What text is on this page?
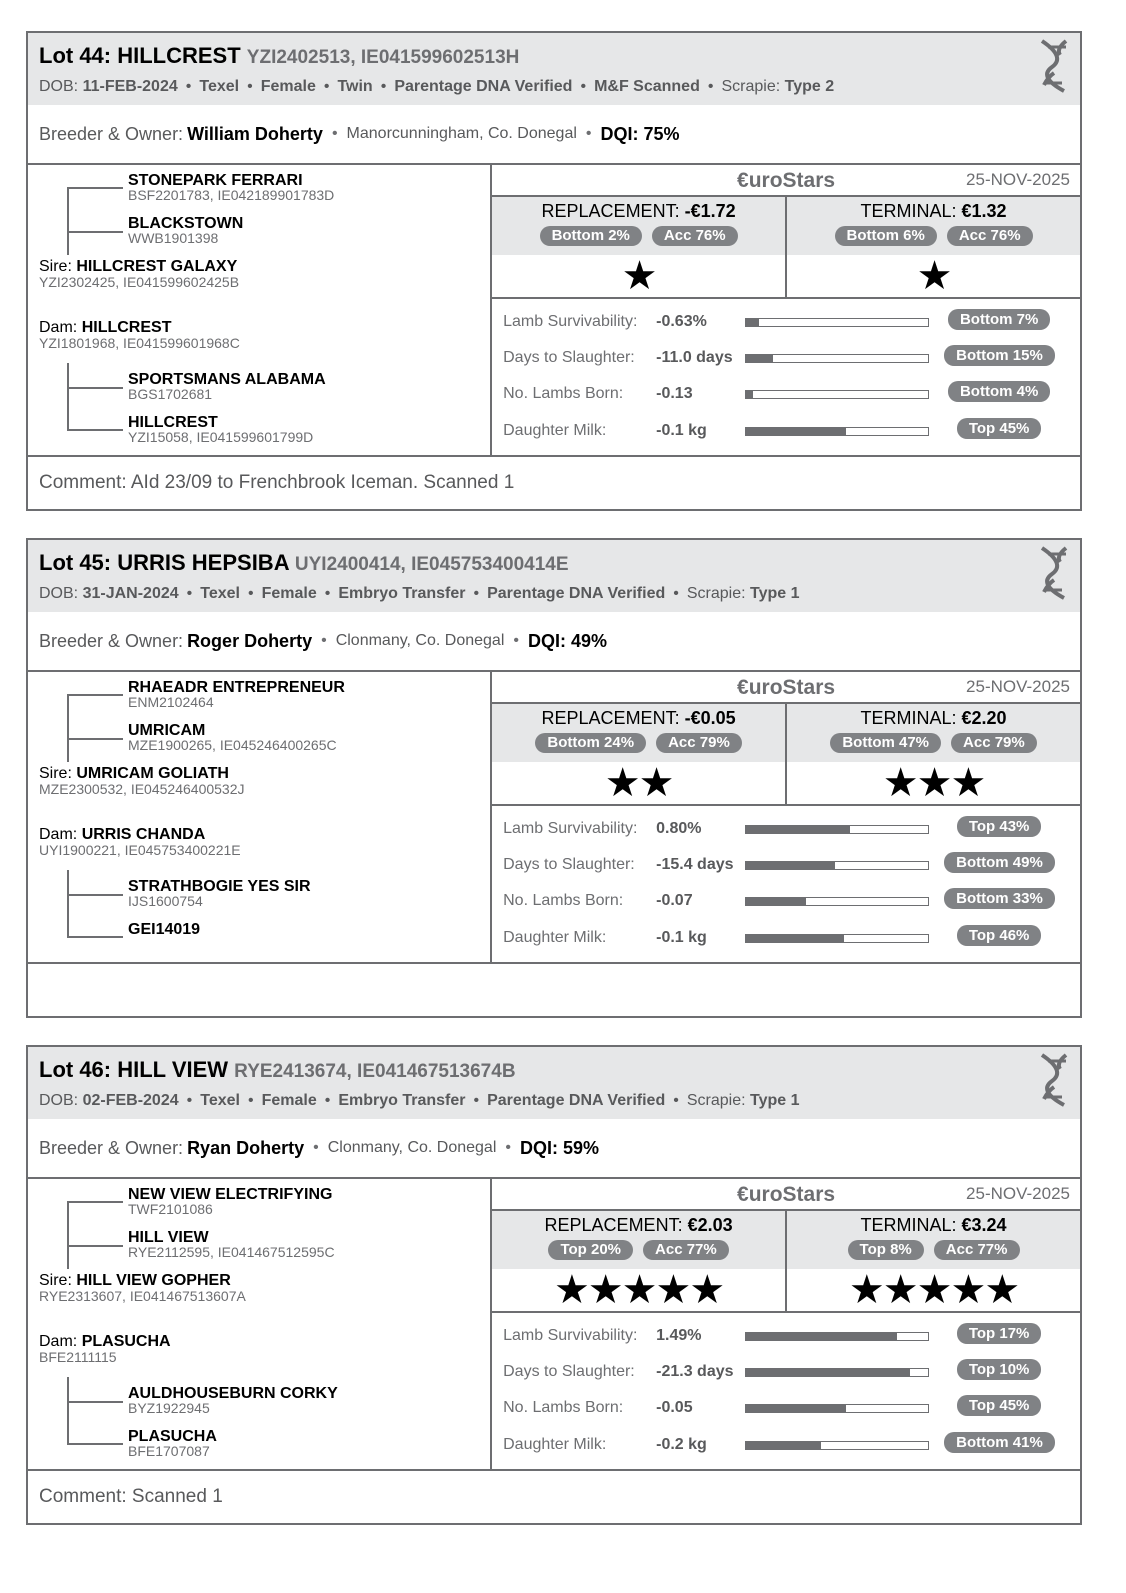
Lot 44: HILLCREST YZI2402513, IE041599602513H
DOB: 11-FEB-2024 • Texel • Female • Twin • Parentage DNA Verified • M&F Scanned • Scrapie: Type 2
Breeder & Owner: William Doherty • Manorcunningham, Co. Donegal • DQI: 75%
STONEPARK FERRARI
BSF2201783, IE042189901783D
BLACKSTOWN
WWB1901398
Sire: HILLCREST GALAXY
YZI2302425, IE041599602425B
Dam: HILLCREST
YZI1801968, IE041599601968C
SPORTSMANS ALABAMA
BGS1702681
HILLCREST
YZI15058, IE041599601799D
€uroStars	25-NOV-2025
REPLACEMENT: -€1.72
Bottom 2%	Acc 76%
★
TERMINAL: €1.32
Bottom 6%	Acc 76%
★
Lamb Survivability: -0.63%	Bottom 7%
Days to Slaughter: -11.0 days	Bottom 15%
No. Lambs Born: -0.13	Bottom 4%
Daughter Milk:	-0.1 kg	Top 45%
Comment: AId 23/09 to Frenchbrook Iceman. Scanned 1
Lot 45: URRIS HEPSIBA UYI2400414, IE045753400414E
DOB: 31-JAN-2024 • Texel • Female • Embryo Transfer • Parentage DNA Verified • Scrapie: Type 1
Breeder & Owner: Roger Doherty • Clonmany, Co. Donegal • DQI: 49%
RHAEADR ENTREPRENEUR
ENM2102464
UMRICAM
MZE1900265, IE045246400265C
Sire: UMRICAM GOLIATH
MZE2300532, IE045246400532J
Dam: URRIS CHANDA
UYI1900221, IE045753400221E
STRATHBOGIE YES SIR
IJS1600754
GEI14019
€uroStars	25-NOV-2025
REPLACEMENT: -€0.05
Bottom 24%	Acc 79%
★★
TERMINAL: €2.20
Bottom 47%	Acc 79%
★★★
Lamb Survivability: 0.80%	Top 43%
Days to Slaughter: -15.4 days	Bottom 49%
No. Lambs Born: -0.07	Bottom 33%
Daughter Milk:	-0.1 kg	Top 46%
Lot 46: HILL VIEW RYE2413674, IE041467513674B
DOB: 02-FEB-2024 • Texel • Female • Embryo Transfer • Parentage DNA Verified • Scrapie: Type 1
Breeder & Owner: Ryan Doherty • Clonmany, Co. Donegal • DQI: 59%
NEW VIEW ELECTRIFYING
TWF2101086
HILL VIEW
RYE2112595, IE041467512595C
Sire: HILL VIEW GOPHER
RYE2313607, IE041467513607A
Dam: PLASUCHA
BFE2111115
AULDHOUSEBURN CORKY
BYZ1922945
PLASUCHA
BFE1707087
€uroStars	25-NOV-2025
REPLACEMENT: €2.03
Top 20%	Acc 77%
★★★★★
TERMINAL: €3.24
Top 8%	Acc 77%
★★★★★
Lamb Survivability: 1.49%	Top 17%
Days to Slaughter: -21.3 days	Top 10%
No. Lambs Born: -0.05	Top 45%
Daughter Milk:	-0.2 kg	Bottom 41%
Comment: Scanned 1
